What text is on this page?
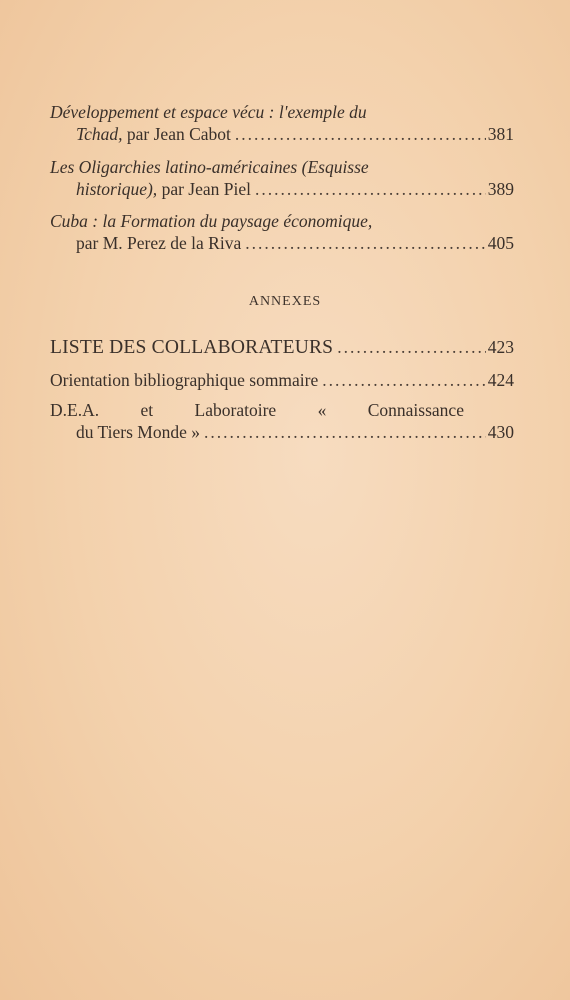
Développement et espace vécu : l'exemple du
Tchad, par Jean Cabot .....	381
Les Oligarchies latino-américaines (Esquisse
historique), par Jean Piel .....	389
Cuba : la Formation du paysage économique,
par M. Perez de la Riva .....	405
ANNEXES
LISTE DES COLLABORATEURS .....	423
Orientation bibliographique sommaire .....	424
D.E.A. et Laboratoire « Connaissance
du Tiers Monde » .....	430
